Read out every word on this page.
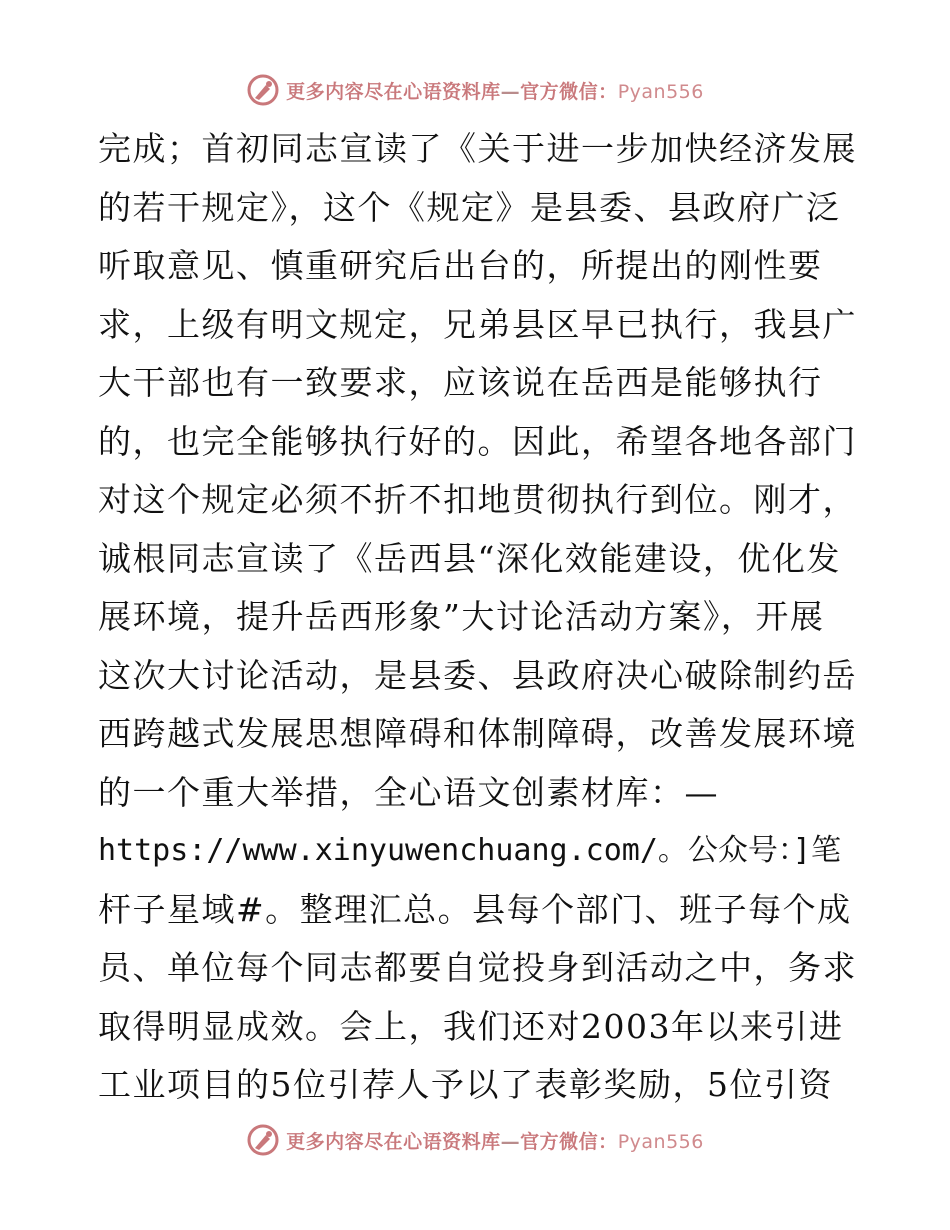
更多内容尽在心语资料库—官方微信：Pyan556
完成；首初同志宣读了《关于进一步加快经济发展
的若干规定》，这个《规定》是县委、县政府广泛
听取意见、慎重研究后出台的，所提出的刚性要
求，上级有明文规定，兄弟县区早已执行，我县广
大干部也有一致要求，应该说在岳西是能够执行
的，也完全能够执行好的。因此，希望各地各部门
对这个规定必须不折不扣地贯彻执行到位。刚才，
诚根同志宣读了《岳西县“深化效能建设，优化发
展环境，提升岳西形象”大讨论活动方案》，开展
这次大讨论活动，是县委、县政府决心破除制约岳
西跨越式发展思想障碍和体制障碍，改善发展环境
的一个重大举措，全心语文创素材库：—
https://www.xinyuwenchuang.com/。公众号：]笔
杆子星域#。整理汇总。县每个部门、班子每个成
员、单位每个同志都要自觉投身到活动之中，务求
取得明显成效。会上，我们还对2003年以来引进
工业项目的5位引荐人予以了表彰奖励，5位引资
更多内容尽在心语资料库—官方微信：Pyan556
